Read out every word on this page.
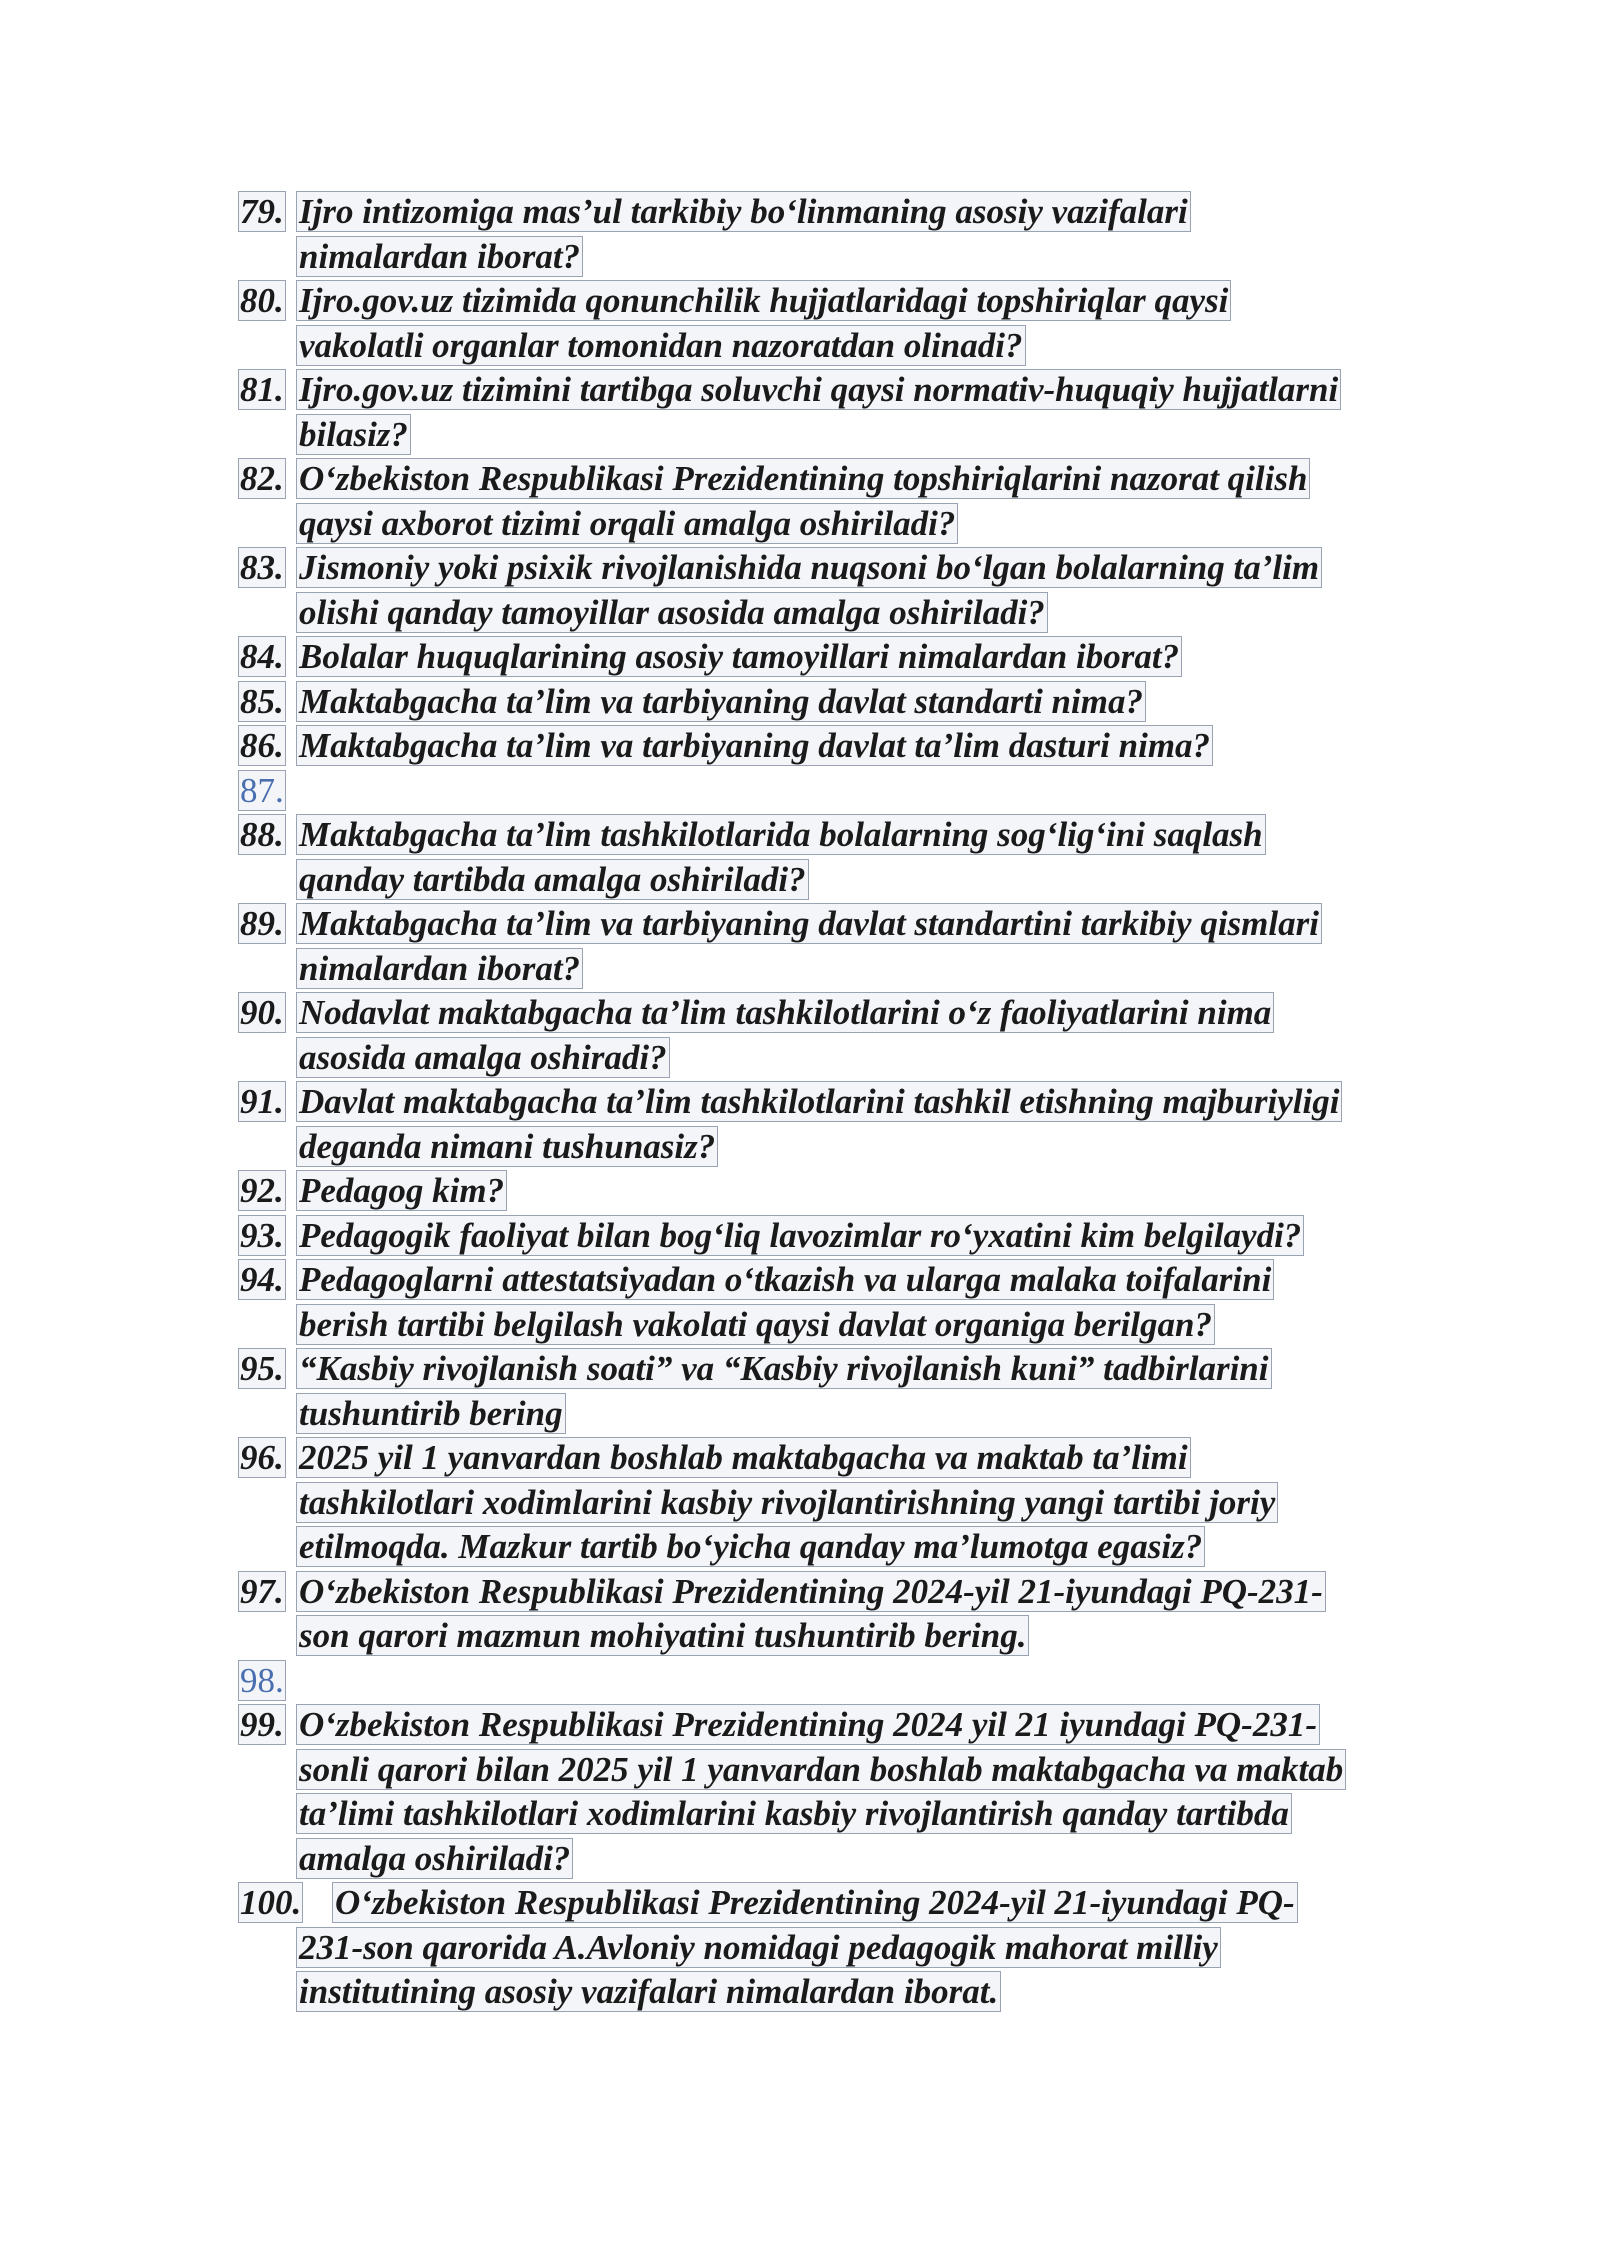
79. Ijro intizomiga mas’ul tarkibiy bo‘linmaning asosiy vazifalari nimalardan iborat?
80. Ijro.gov.uz tizimida qonunchilik hujjatlaridagi topshiriqlar qaysi vakolatli organlar tomonidan nazoratdan olinadi?
81. Ijro.gov.uz tizimini tartibga soluvchi qaysi normativ-huquqiy hujjatlarni bilasiz?
82. O‘zbekiston Respublikasi Prezidentining topshiriqlarini nazorat qilish qaysi axborot tizimi orqali amalga oshiriladi?
83. Jismoniy yoki psixik rivojlanishida nuqsoni bo‘lgan bolalarning ta’lim olishi qanday tamoyillar asosida amalga oshiriladi?
84. Bolalar huquqlarining asosiy tamoyillari nimalardan iborat?
85. Maktabgacha ta’lim va tarbiyaning davlat standarti nima?
86. Maktabgacha ta’lim va tarbiyaning davlat ta’lim dasturi nima?
87.
88. Maktabgacha ta’lim tashkilotlarida bolalarning sog‘lig‘ini saqlash qanday tartibda amalga oshiriladi?
89. Maktabgacha ta’lim va tarbiyaning davlat standartini tarkibiy qismlari nimalardan iborat?
90. Nodavlat maktabgacha ta’lim tashkilotlarini o‘z faoliyatlarini nima asosida amalga oshiradi?
91. Davlat maktabgacha ta’lim tashkilotlarini tashkil etishning majburiyligi deganda nimani tushunasiz?
92. Pedagog kim?
93. Pedagogik faoliyat bilan bog‘liq lavozimlar ro‘yxatini kim belgilaydi?
94. Pedagoglarni attestatsiyadan o‘tkazish va ularga malaka toifalarini berish tartibi belgilash vakolati qaysi davlat organiga berilgan?
95. “Kasbiy rivojlanish soati” va “Kasbiy rivojlanish kuni” tadbirlarini tushuntirib bering
96. 2025 yil 1 yanvardan boshlab maktabgacha va maktab ta’limi tashkilotlari xodimlarini kasbiy rivojlantirishning yangi tartibi joriy etilmoqda. Mazkur tartib bo‘yicha qanday ma’lumotga egasiz?
97. O‘zbekiston Respublikasi Prezidentining 2024-yil 21-iyundagi PQ-231-son qarori mazmun mohiyatini tushuntirib bering.
98.
99. O‘zbekiston Respublikasi Prezidentining 2024 yil 21 iyundagi PQ-231-sonli qarori bilan 2025 yil 1 yanvardan boshlab maktabgacha va maktab ta’limi tashkilotlari xodimlarini kasbiy rivojlantirish qanday tartibda amalga oshiriladi?
100. O‘zbekiston Respublikasi Prezidentining 2024-yil 21-iyundagi PQ-231-son qarorida A.Avloniy nomidagi pedagogik mahorat milliy institutining asosiy vazifalari nimalardan iborat.
